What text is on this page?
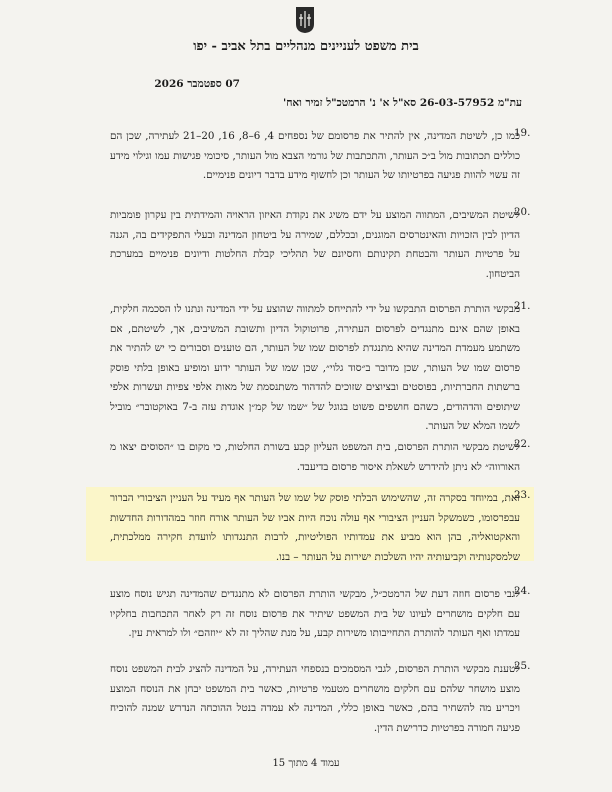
בית משפט לעניינים מנהליים בתל אביב - יפו
07 ספטמבר 2026
עת"מ 26-03-57952 סא"ל א' נ' הרמטכ"ל זמיר ואח'
19.
כמו כן, לשיטת המדינה, אין להתיר את פרסומם של נספחים 4, 6–8, 16, 20–21 לעתירה, שכן הם כוללים תכתובות מול ב״כ העותר, והתכתבות של גורמי הצבא מול העותר, סיכומי פגישות עמו וגילוי מידע זה עשוי להוות פגיעה בפרטיותו של העותר וכן לחשוף מידע בדבר דיונים פנימיים.
20.
לשיטת המשיבים, המתווה המוצע על ידם משיג את נקודת האיזון הראויה והמידתית בין עקרון פומביות הדיון לבין הזכויות והאינטרסים המוגנים, ובכללם, שמירה על ביטחון המדינה ובעלי התפקידים בה, הגנה על פרטיות העותר והבטחת תקינותם וחסיונם של תהליכי קבלת החלטות ודיונים פנימיים במערכת הביטחון.
21.
מבקשי הותרת הפרסום התבקשו על ידי להתייחס למתווה שהוצע על ידי המדינה ונתנו לו הסכמה חלקית, באופן שהם אינם מתנגדים לפרסום העתירה, פרוטוקול הדיון ותשובת המשיבים, אך, לשיטתם, אם משתמע מעמדת המדינה שהיא מתנגדת לפרסום שמו של העותר, הם טוענים וסבורים כי יש להתיר את פרסום שמו של העותר, שכן מדובר ב״סוד גלוי״, שכן שמו של העותר ידוע ומופיע באופן בלתי פוסק ברשתות החברתיות, בפוסטים ובציוצים שזוכים להדהוד משתנסמת של מאות אלפי צפיות ועשרות אלפי שיתופים והדהודים, כשהם חושפים פשוט בגוגל של ״שמו של קמ״ן אוגדת עזה ב-7 באוקטובר״ מוביל לשמו המלא של העותר.
22.
לשיטת מבקשי הותרת הפרסום, בית המשפט העליון קבע בשורת החלטות, כי מקום בו ״הסוסים יצאו מ האורווה״ לא ניתן להידרש לשאלת איסור פרסום בדיעבד.
23.
זאת, במיוחד בסקרה זה, שהשימוש הבלתי פוסק של שמו של העותר אף מעיד על העניין הציבורי הברור עבפרסומו, כשמשקל העניין הציבורי אף עולה נוכח היות אביו של העותר אורח חוזר במהדורות החדשות והאקטואליה, בהן הוא מביע את עמדותיו הפוליטיות, לרבות התנגדותו לוועדת חקירה ממלכתית, שלמסקנותיה וקביעותיה יהיו השלכות ישירות על העותר – בנו.
24.
לגבי פרסום חוזה דעת של הרמטכ״ל, מבקשי הותרת הפרסום לא מתנגדים שהמדינה תגיש נוסח מוצע עם חלקים מושחרים לעיונו של בית המשפט שיתיר את פרסום נוסח זה רק לאחר התכחבות בחלקיו עמדתו ואף העותר להותרת התחייבותו משירות קבע, על מנת שהליך זה לא ״יוזהם״ ולו למראית עין.
25.
לטענת מבקשי הותרת הפרסום, לגבי המסמכים בנספחי העתירה, על המדינה להציג לבית המשפט נוסח מוצע מושחר שלהם עם חלקים מושחרים מטעמי פרטיות, כאשר בית המשפט יבחן את הנוסח המוצע ויכריע מה להשחיר בהם, כאשר באופן כללי, המדינה לא עמדה בנטל ההוכחה הנדרש שמנה להוכיח פגיעה חמורה בפרטיות כדרישת הדין.
עמוד 4 מתוך 15
